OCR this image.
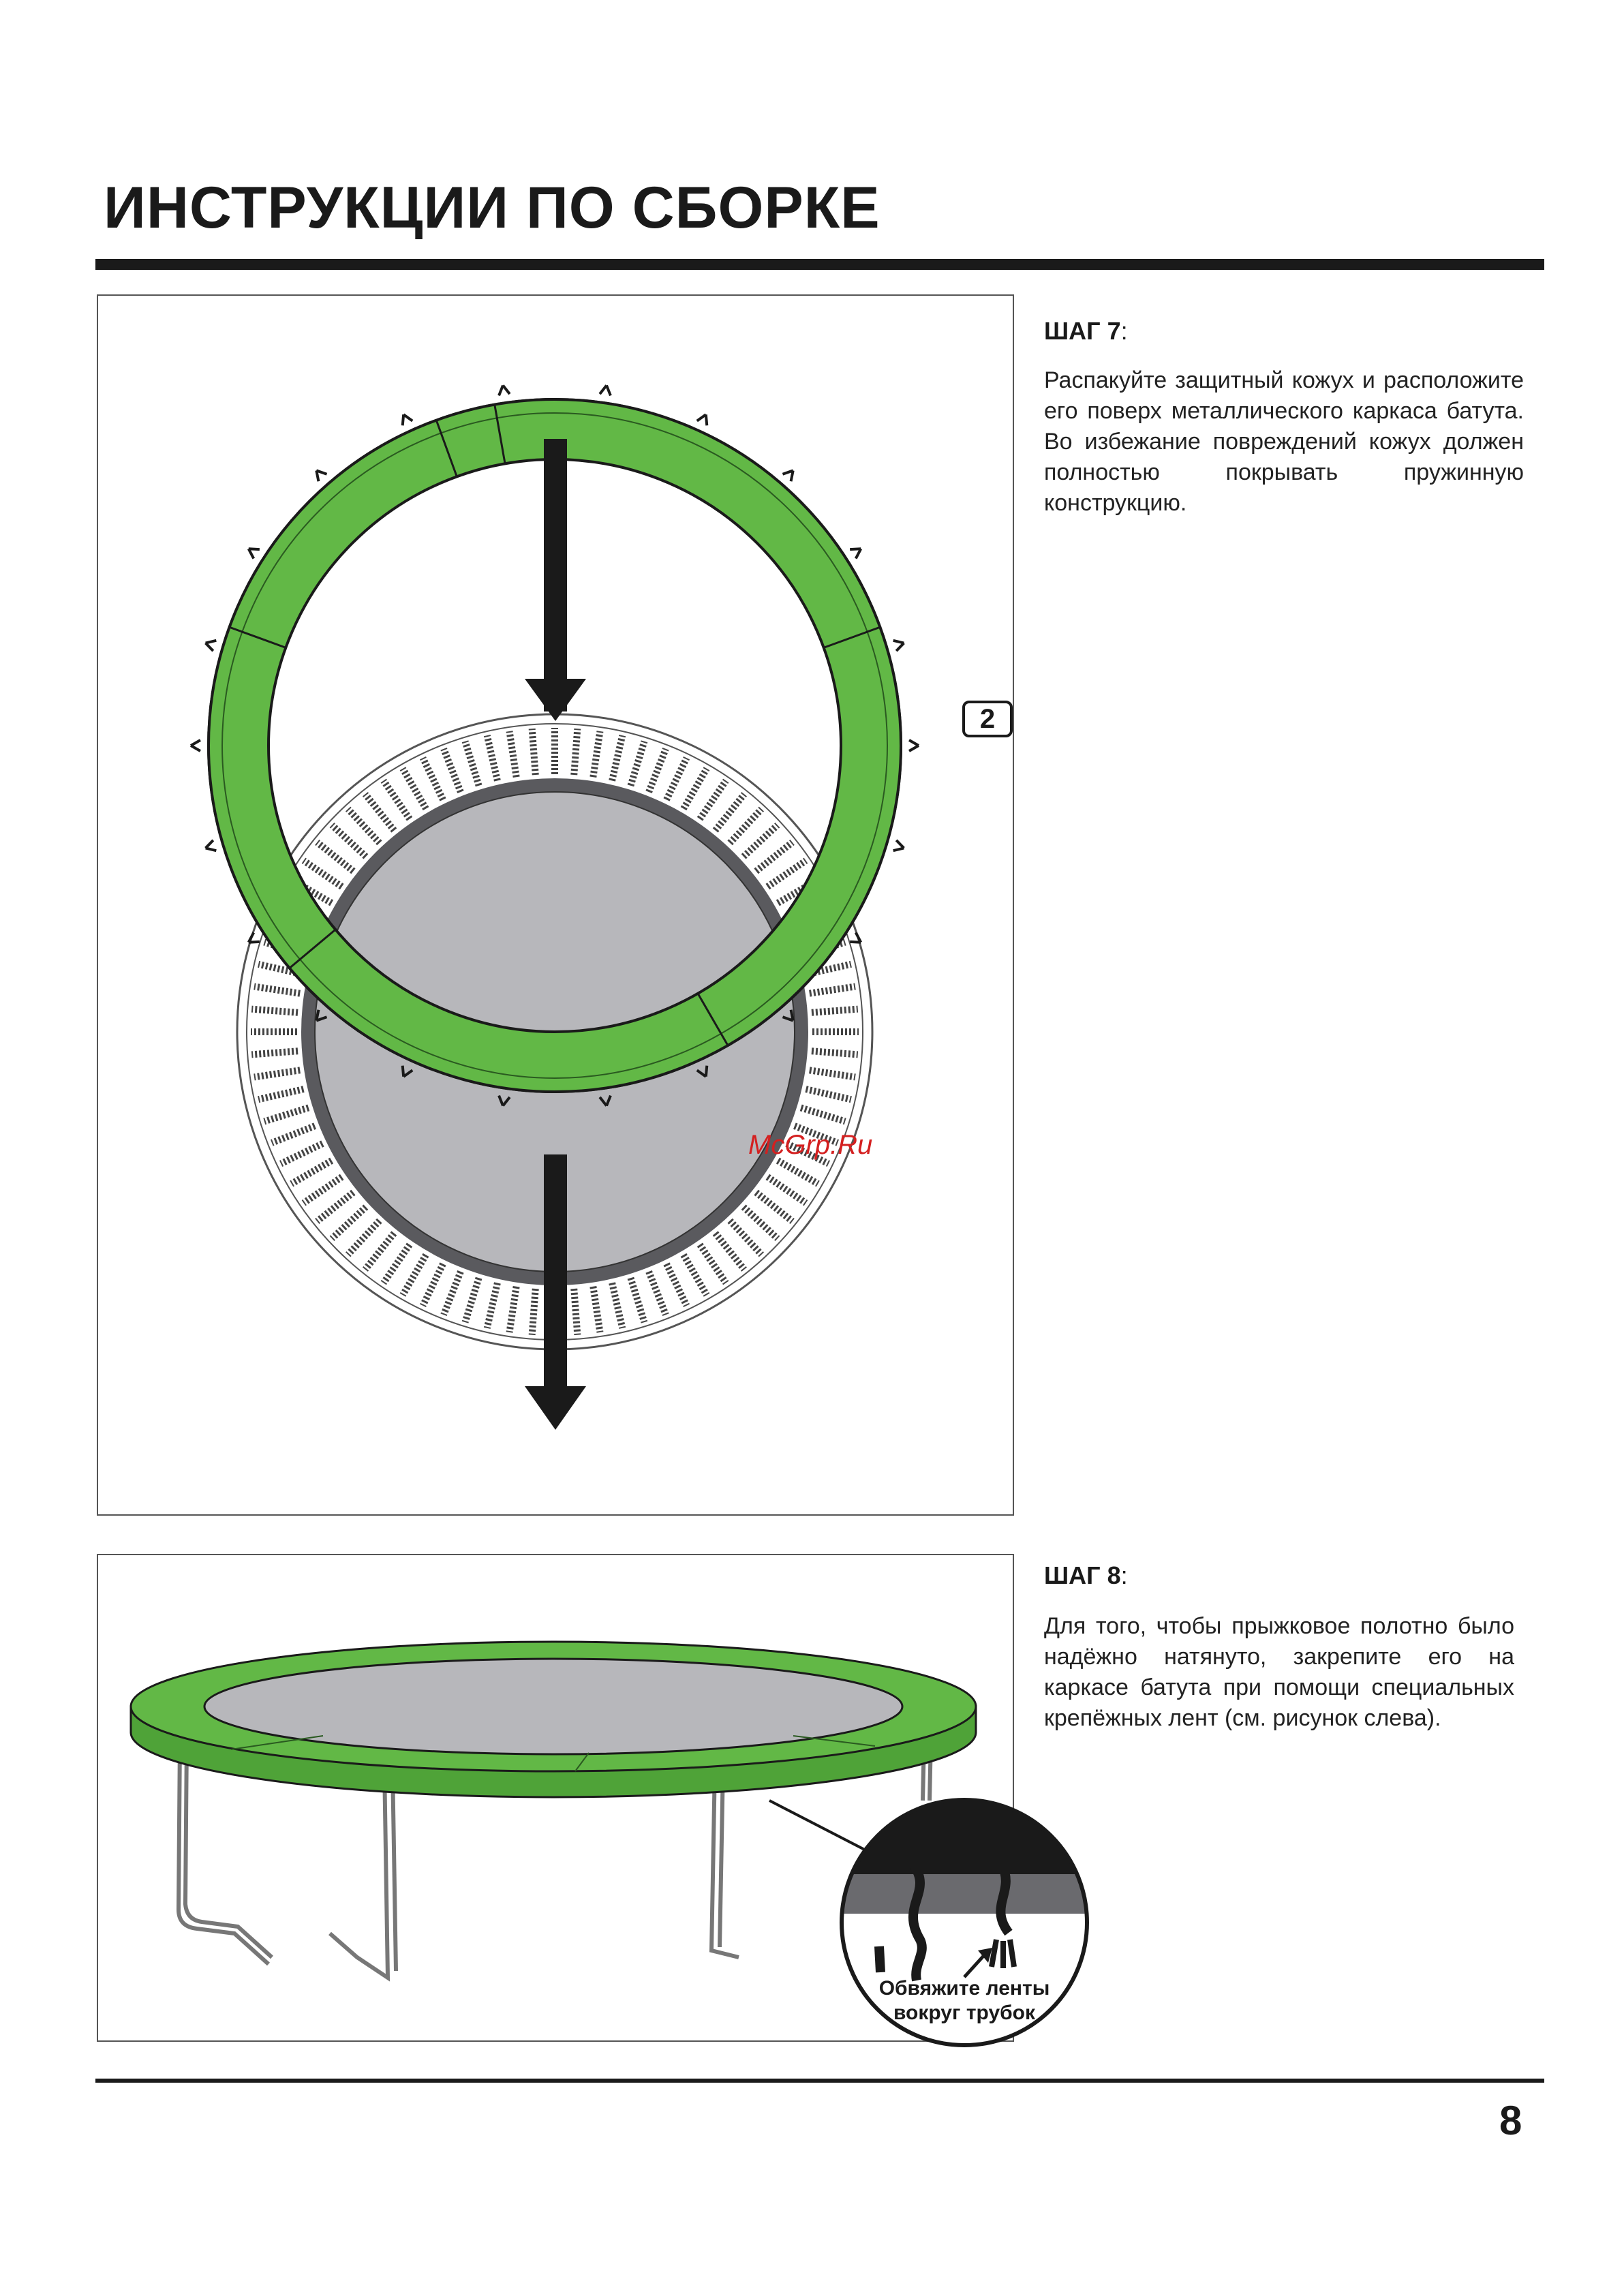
ИНСТРУКЦИИ ПО СБОРКЕ
2
ШАГ 7:
Распакуйте защитный кожух и расположите его поверх металлического каркаса батута. Во избежание повреждений кожух должен полностью покрывать пружинную конструкцию.
McGrp.Ru
Обвяжите ленты
вокруг трубок
ШАГ 8:
Для того, чтобы прыжковое полотно было надёжно натянуто, закрепите его на каркасе батута при помощи специальных крепёжных лент (см. рисунок слева).
8
